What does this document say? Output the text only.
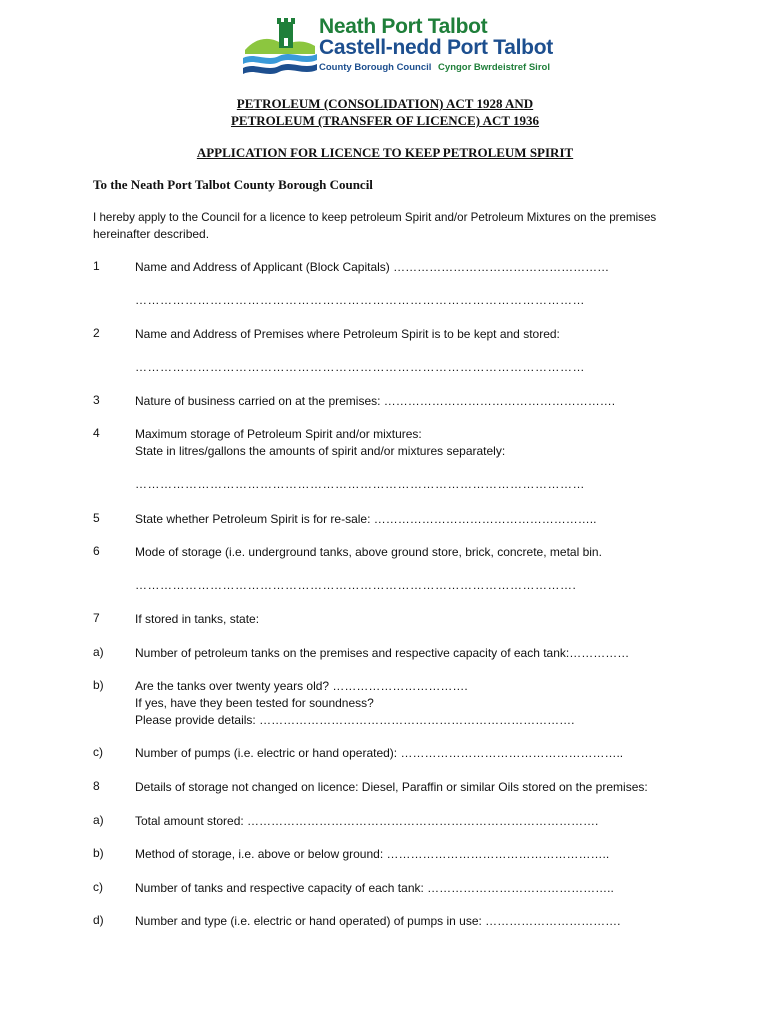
Neath Port Talbot
Castell-nedd Port Talbot
County Borough Council Cyngor Bwrdeistref Sirol
PETROLEUM (CONSOLIDATION) ACT 1928 AND
PETROLEUM (TRANSFER OF LICENCE) ACT 1936
APPLICATION FOR LICENCE TO KEEP PETROLEUM SPIRIT
To the Neath Port Talbot County Borough Council
I hereby apply to the Council for a licence to keep petroleum Spirit and/or Petroleum Mixtures on the premises
hereinafter described.
1	Name and Address of Applicant (Block Capitals) ………………………………………………
………………………………………………………………………………………………
2	Name and Address of Premises where Petroleum Spirit is to be kept and stored:
………………………………………………………………………………………………
3	Nature of business carried on at the premises: ………………………………………………….
4	Maximum storage of Petroleum Spirit and/or mixtures:
State in litres/gallons the amounts of spirit and/or mixtures separately:
………………………………………………………………………………………………
5	State whether Petroleum Spirit is for re-sale: ………………………………………………..
6	Mode of storage (i.e. underground tanks, above ground store, brick, concrete, metal bin.
…………………………………………………………………………………………….
7	If stored in tanks, state:
a)	Number of petroleum tanks on the premises and respective capacity of each tank:……………
b)	Are the tanks over twenty years old? …………………………….
If yes, have they been tested for soundness?
Please provide details: …………………………………………………………………….
c)	Number of pumps (i.e. electric or hand operated): ………………………………………………..
8	Details of storage not changed on licence: Diesel, Paraffin or similar Oils stored on the premises:
a)	Total amount stored: …………………………………………………………………………….
b)	Method of storage, i.e. above or below ground: ………………………………………………..
c)	Number of tanks and respective capacity of each tank: ………………………………………..
d)	Number and type (i.e. electric or hand operated) of pumps in use: …………………………….
